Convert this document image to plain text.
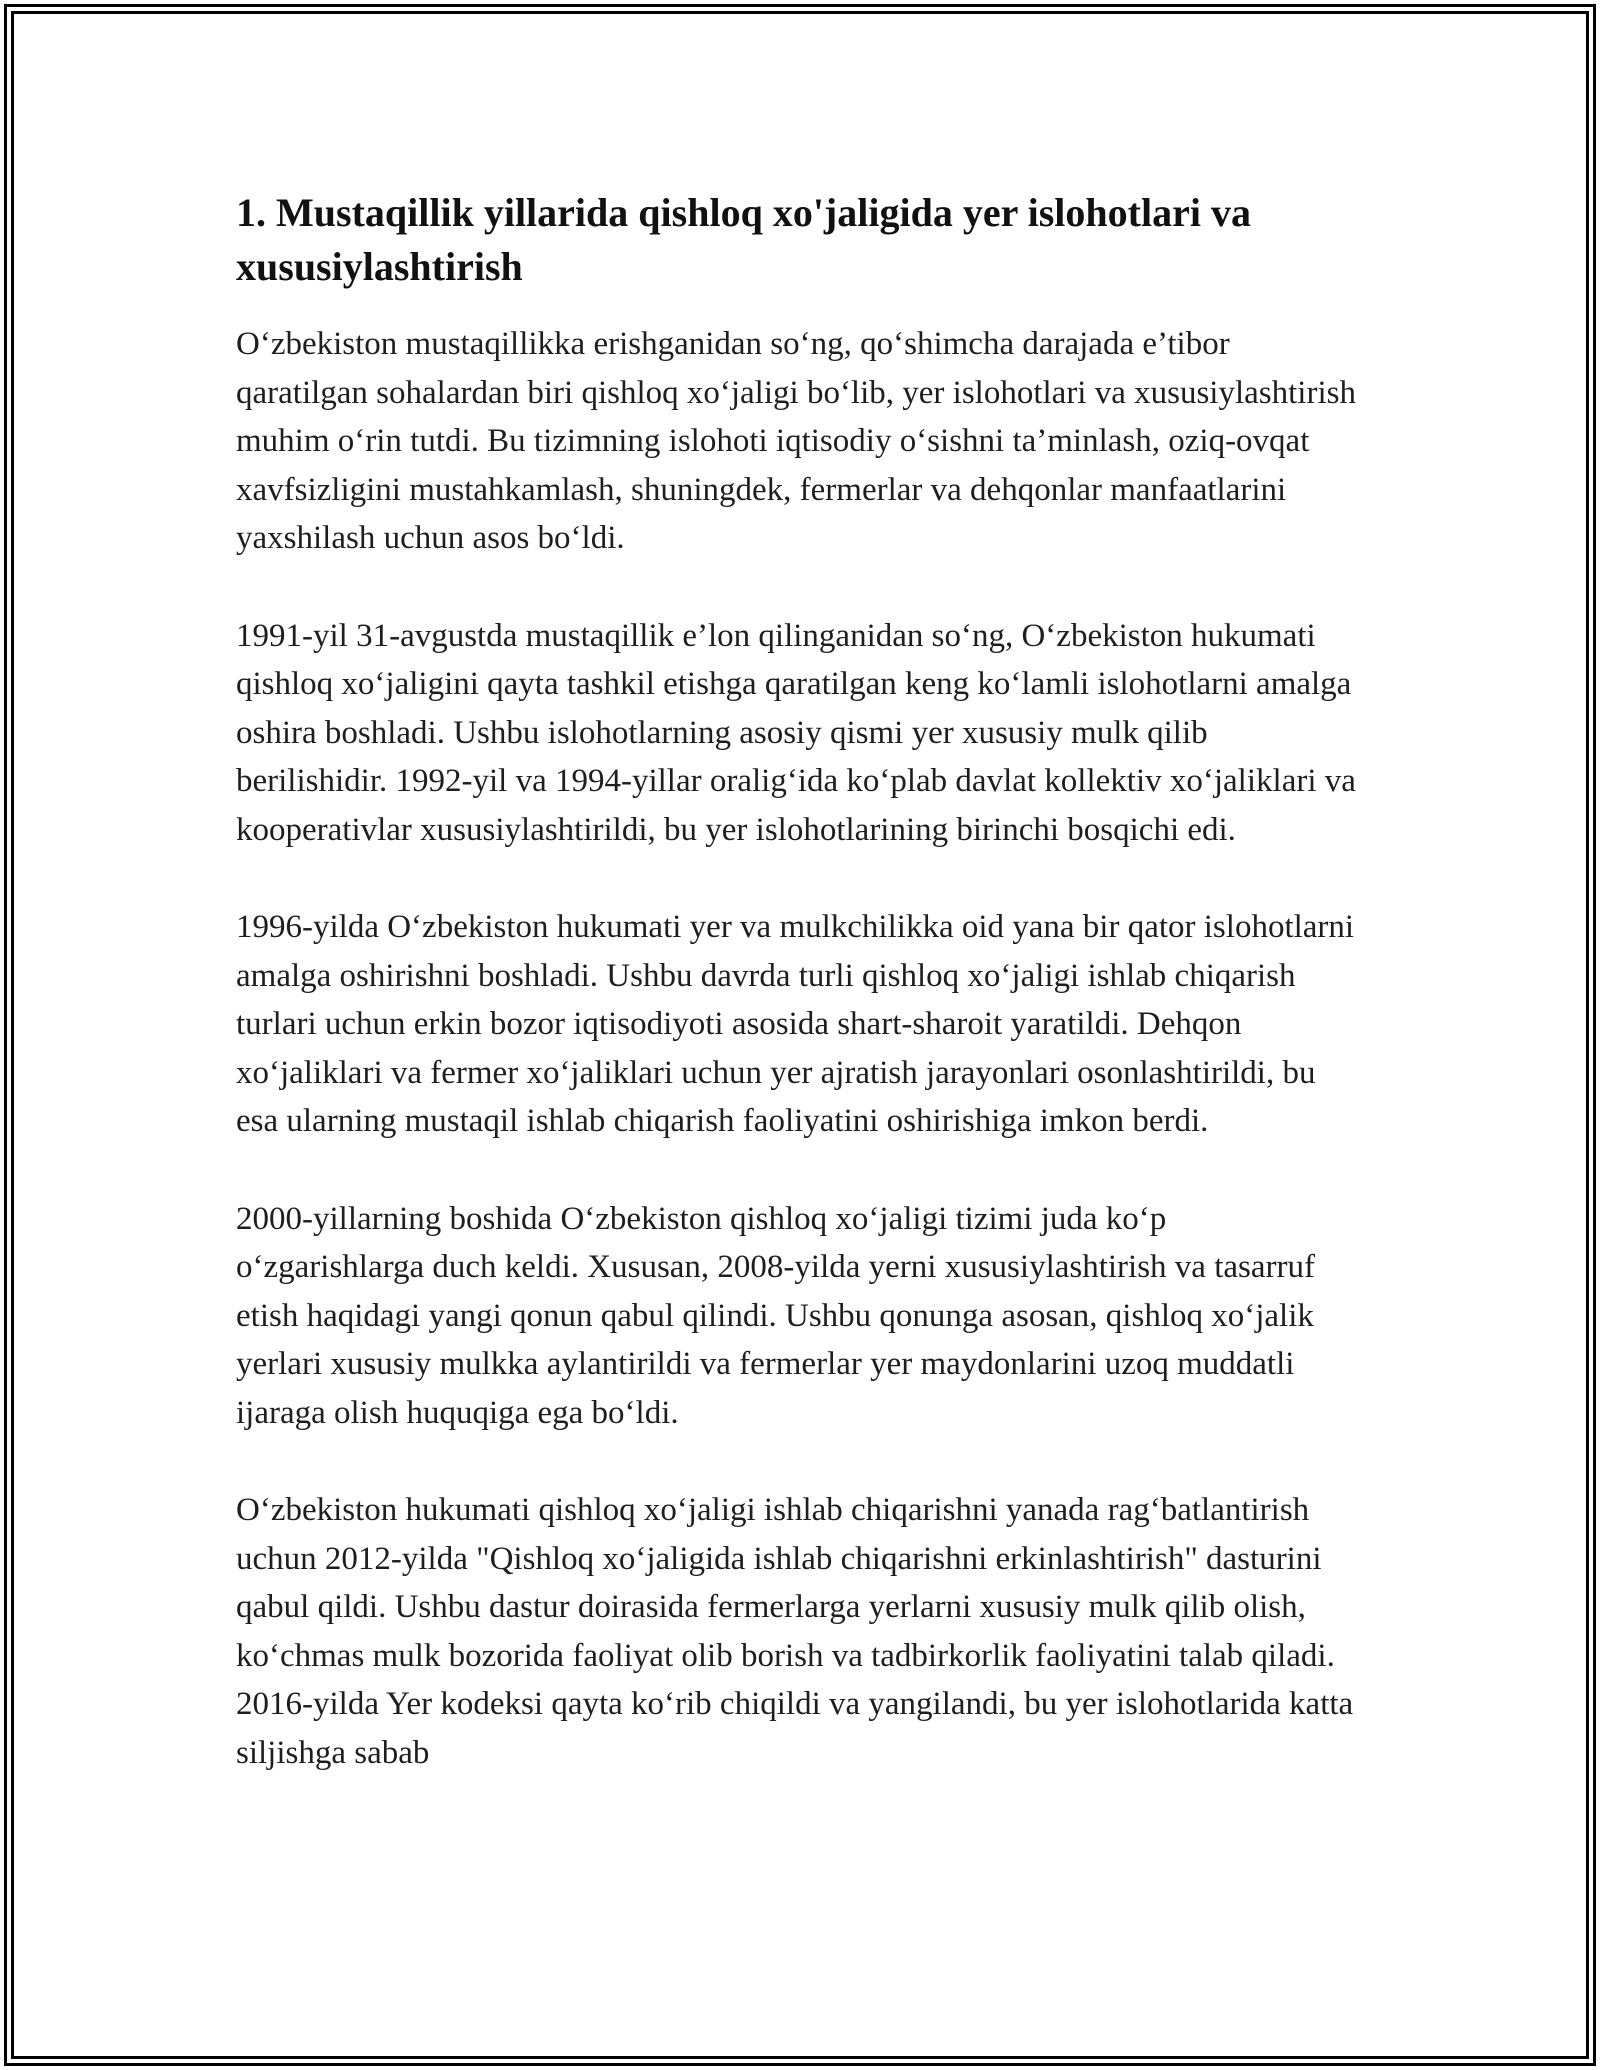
1. Mustaqillik yillarida qishloq xo'jaligida yer islohotlari va xususiylashtirish

O‘zbekiston mustaqillikka erishganidan so‘ng, qo‘shimcha darajada e’tibor qaratilgan sohalardan biri qishloq xo‘jaligi bo‘lib, yer islohotlari va xususiylashtirish muhim o‘rin tutdi. Bu tizimning islohoti iqtisodiy o‘sishni ta’minlash, oziq-ovqat xavfsizligini mustahkamlash, shuningdek, fermerlar va dehqonlar manfaatlarini yaxshilash uchun asos bo‘ldi.

1991-yil 31-avgustda mustaqillik e’lon qilinganidan so‘ng, O‘zbekiston hukumati qishloq xo‘jaligini qayta tashkil etishga qaratilgan keng ko‘lamli islohotlarni amalga oshira boshladi. Ushbu islohotlarning asosiy qismi yer xususiy mulk qilib berilishidir. 1992-yil va 1994-yillar oralig‘ida ko‘plab davlat kollektiv xo‘jaliklari va kooperativlar xususiylashtirildi, bu yer islohotlarining birinchi bosqichi edi.

1996-yilda O‘zbekiston hukumati yer va mulkchilikka oid yana bir qator islohotlarni amalga oshirishni boshladi. Ushbu davrda turli qishloq xo‘jaligi ishlab chiqarish turlari uchun erkin bozor iqtisodiyoti asosida shart-sharoit yaratildi. Dehqon xo‘jaliklari va fermer xo‘jaliklari uchun yer ajratish jarayonlari osonlashtirildi, bu esa ularning mustaqil ishlab chiqarish faoliyatini oshirishiga imkon berdi.

2000-yillarning boshida O‘zbekiston qishloq xo‘jaligi tizimi juda ko‘p o‘zgarishlarga duch keldi. Xususan, 2008-yilda yerni xususiylashtirish va tasarruf etish haqidagi yangi qonun qabul qilindi. Ushbu qonunga asosan, qishloq xo‘jalik yerlari xususiy mulkka aylantirildi va fermerlar yer maydonlarini uzoq muddatli ijaraga olish huquqiga ega bo‘ldi.

O‘zbekiston hukumati qishloq xo‘jaligi ishlab chiqarishni yanada rag‘batlantirish uchun 2012-yilda "Qishloq xo‘jaligida ishlab chiqarishni erkinlashtirish" dasturini qabul qildi. Ushbu dastur doirasida fermerlarga yerlarni xususiy mulk qilib olish, ko‘chmas mulk bozorida faoliyat olib borish va tadbirkorlik faoliyatini talab qiladi. 2016-yilda Yer kodeksi qayta ko‘rib chiqildi va yangilandi, bu yer islohotlarida katta siljishga sabab
